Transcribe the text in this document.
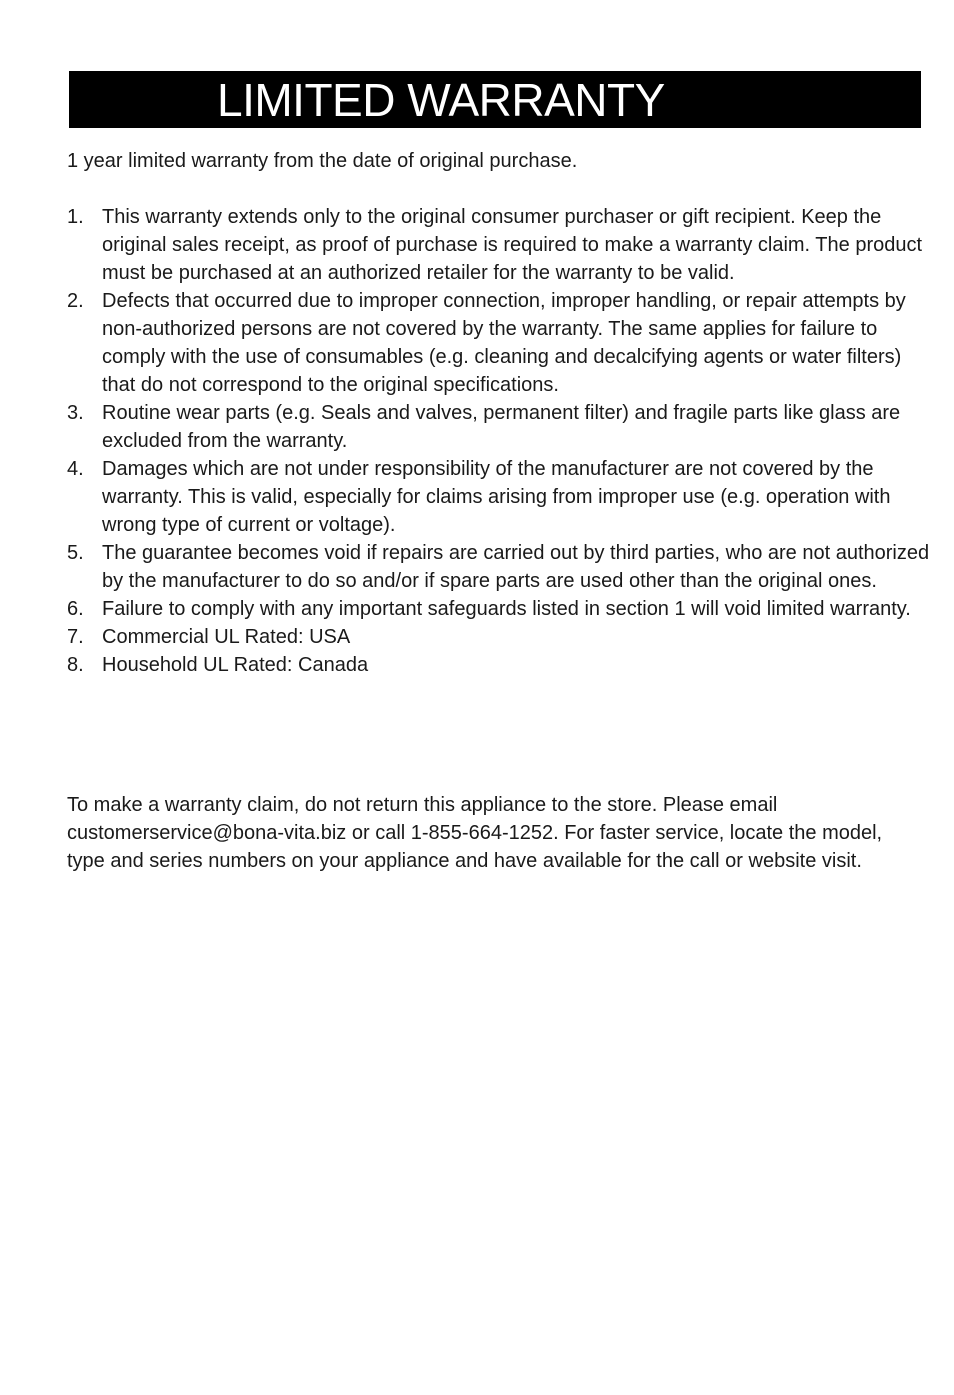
LIMITED WARRANTY

1 year limited warranty from the date of original purchase.

1. This warranty extends only to the original consumer purchaser or gift recipient. Keep the original sales receipt, as proof of purchase is required to make a warranty claim. The product must be purchased at an authorized retailer for the warranty to be valid.
2. Defects that occurred due to improper connection, improper handling, or repair attempts by non-authorized persons are not covered by the warranty. The same applies for failure to comply with the use of consumables (e.g. cleaning and decalcifying agents or water filters) that do not correspond to the original specifications.
3. Routine wear parts (e.g. Seals and valves, permanent filter) and fragile parts like glass are excluded from the warranty.
4. Damages which are not under responsibility of the manufacturer are not covered by the warranty. This is valid, especially for claims arising from improper use (e.g. operation with wrong type of current or voltage).
5. The guarantee becomes void if repairs are carried out by third parties, who are not authorized by the manufacturer to do so and/or if spare parts are used other than the original ones.
6. Failure to comply with any important safeguards listed in section 1 will void limited warranty.
7. Commercial UL Rated: USA
8. Household UL Rated: Canada

To make a warranty claim, do not return this appliance to the store. Please email customerservice@bona-vita.biz or call 1-855-664-1252. For faster service, locate the model, type and series numbers on your appliance and have available for the call or website visit.
